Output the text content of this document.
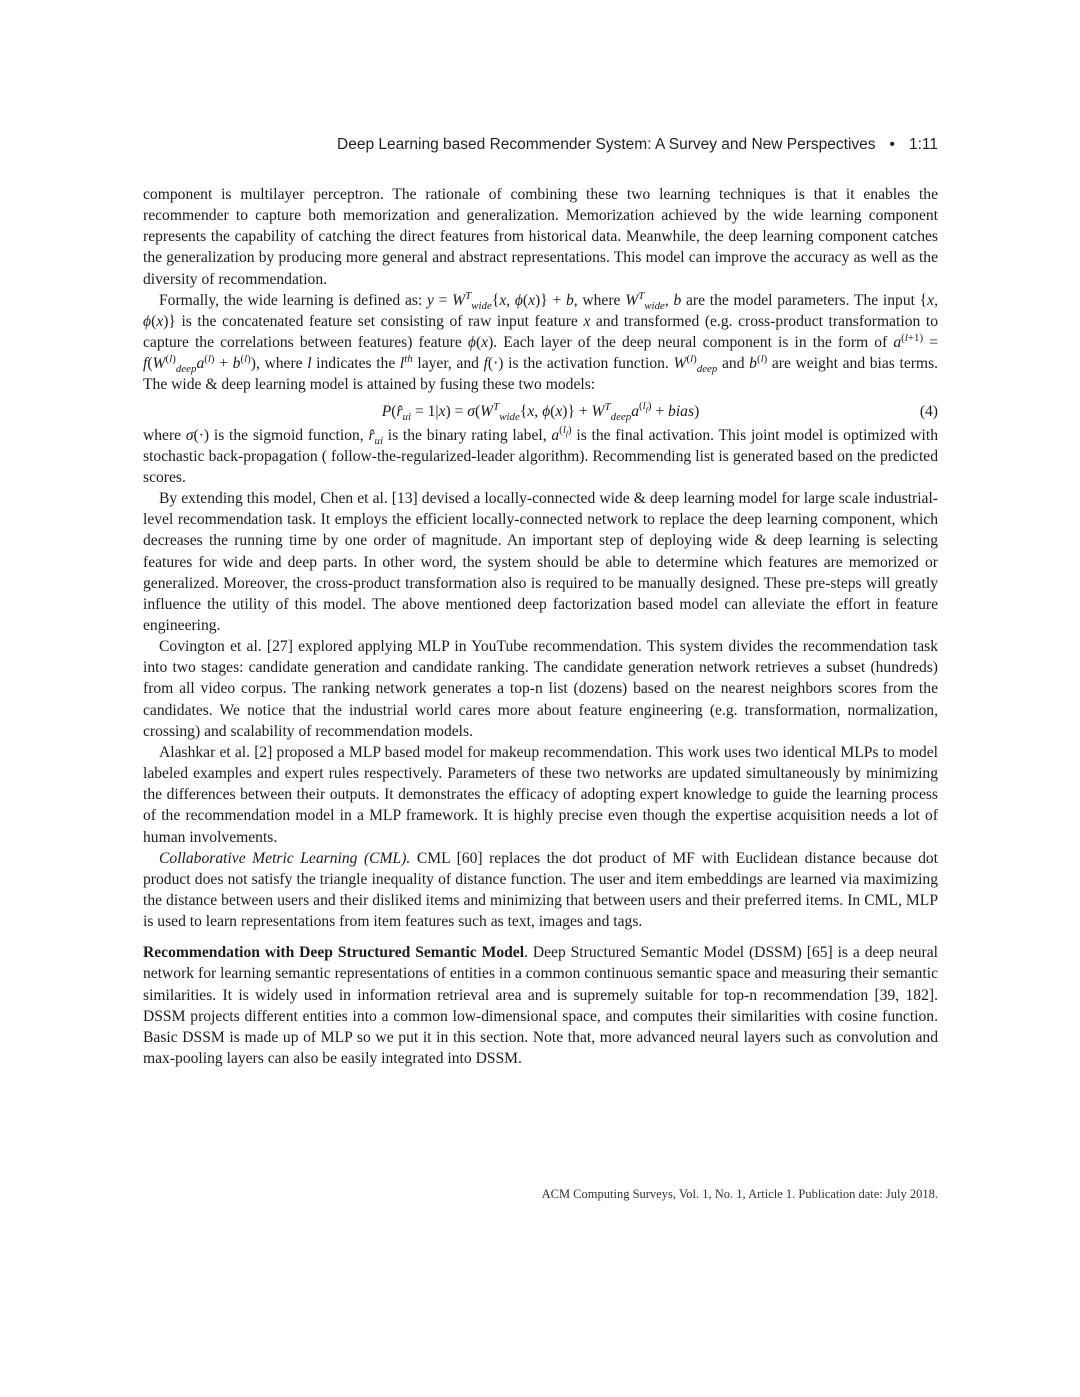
Deep Learning based Recommender System: A Survey and New Perspectives • 1:11

component is multilayer perceptron. The rationale of combining these two learning techniques is that it enables the recommender to capture both memorization and generalization. Memorization achieved by the wide learning component represents the capability of catching the direct features from historical data. Meanwhile, the deep learning component catches the generalization by producing more general and abstract representations. This model can improve the accuracy as well as the diversity of recommendation.

Formally, the wide learning is defined as: $y = W^T_{wide}\{x$, ϕ(x)} + b, where $W^T_{wide}$, b are the model parameters. The input {x, ϕ(x)} is the concatenated feature set consisting of raw input feature x and transformed (e.g. cross-product transformation to capture the correlations between features) feature ϕ(x). Each layer of the deep neural component is in the form of $a^{(l+1)} = f(W^{(l)}_{deep}a^{(l)} + b^{(l)})$, where l indicates the $l^{th}$ layer, and f(·) is the activation function. $W^{(l)}_{deep}$ and $b^{(l)}$ are weight and bias terms. The wide & deep learning model is attained by fusing these two models:

$P(r̂_{ui} = 1|x) = \sigma(W^T_{wide}\{x$, $\phi(x)\} + W^T_{deep}a^{(l_f)}$ + bias)	(4)

where σ(·) is the sigmoid function, $r̂_{ui}$ is the binary rating label, $a^{(l_f)}$ is the final activation. This joint model is optimized with stochastic back-propagation ( follow-the-regularized-leader algorithm). Recommending list is generated based on the predicted scores.

By extending this model, Chen et al. [13] devised a locally-connected wide & deep learning model for large scale industrial-level recommendation task. It employs the efficient locally-connected network to replace the deep learning component, which decreases the running time by one order of magnitude. An important step of deploying wide & deep learning is selecting features for wide and deep parts. In other word, the system should be able to determine which features are memorized or generalized. Moreover, the cross-product transformation also is required to be manually designed. These pre-steps will greatly influence the utility of this model. The above mentioned deep factorization based model can alleviate the effort in feature engineering.

Covington et al. [27] explored applying MLP in YouTube recommendation. This system divides the recommendation task into two stages: candidate generation and candidate ranking. The candidate generation network retrieves a subset (hundreds) from all video corpus. The ranking network generates a top-n list (dozens) based on the nearest neighbors scores from the candidates. We notice that the industrial world cares more about feature engineering (e.g. transformation, normalization, crossing) and scalability of recommendation models.

Alashkar et al. [2] proposed a MLP based model for makeup recommendation. This work uses two identical MLPs to model labeled examples and expert rules respectively. Parameters of these two networks are updated simultaneously by minimizing the differences between their outputs. It demonstrates the efficacy of adopting expert knowledge to guide the learning process of the recommendation model in a MLP framework. It is highly precise even though the expertise acquisition needs a lot of human involvements.

Collaborative Metric Learning (CML). CML [60] replaces the dot product of MF with Euclidean distance because dot product does not satisfy the triangle inequality of distance function. The user and item embeddings are learned via maximizing the distance between users and their disliked items and minimizing that between users and their preferred items. In CML, MLP is used to learn representations from item features such as text, images and tags.

Recommendation with Deep Structured Semantic Model. Deep Structured Semantic Model (DSSM) [65] is a deep neural network for learning semantic representations of entities in a common continuous semantic space and measuring their semantic similarities. It is widely used in information retrieval area and is supremely suitable for top-n recommendation [39, 182]. DSSM projects different entities into a common low-dimensional space, and computes their similarities with cosine function. Basic DSSM is made up of MLP so we put it in this section. Note that, more advanced neural layers such as convolution and max-pooling layers can also be easily integrated into DSSM.

ACM Computing Surveys, Vol. 1, No. 1, Article 1. Publication date: July 2018.
